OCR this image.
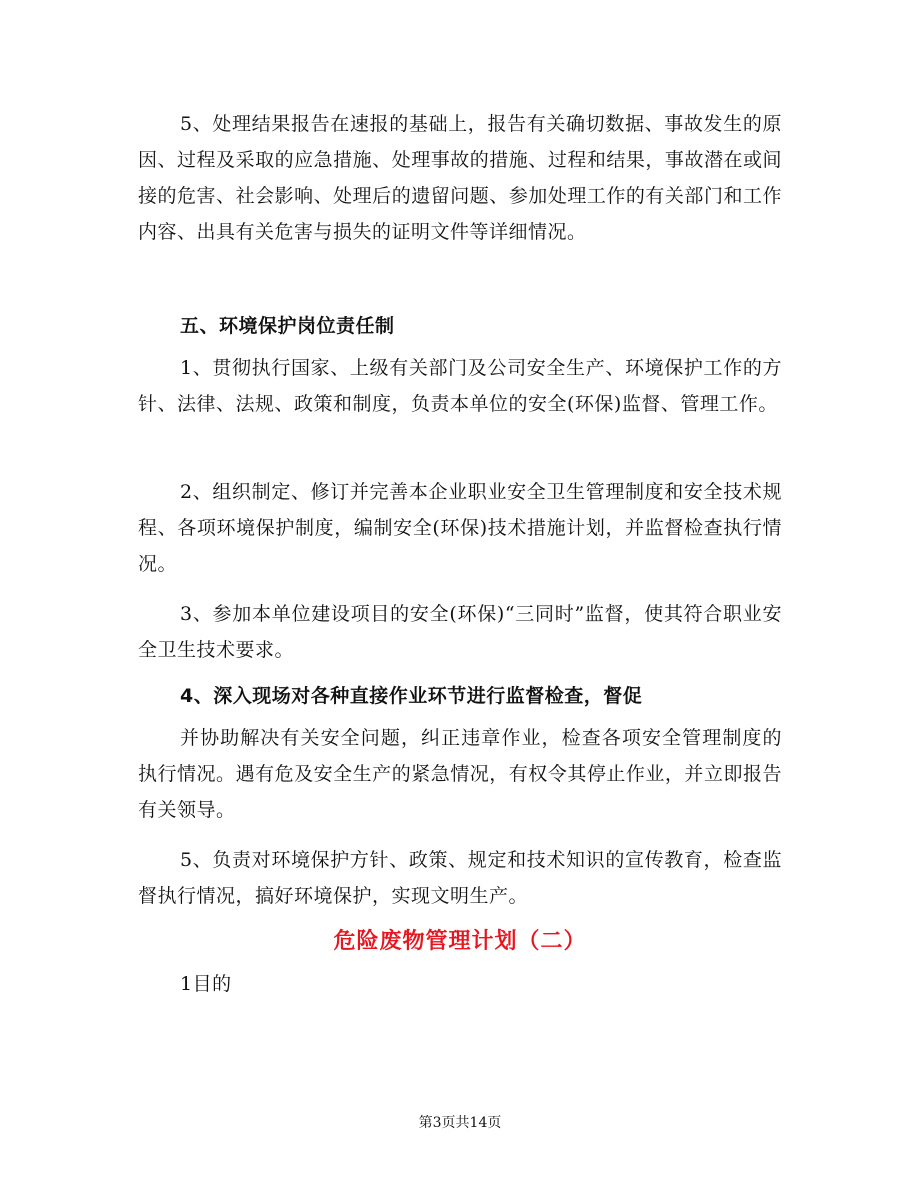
5、处理结果报告在速报的基础上，报告有关确切数据、事故发生的原因、过程及采取的应急措施、处理事故的措施、过程和结果，事故潜在或间接的危害、社会影响、处理后的遗留问题、参加处理工作的有关部门和工作内容、出具有关危害与损失的证明文件等详细情况。

五、环境保护岗位责任制

1、贯彻执行国家、上级有关部门及公司安全生产、环境保护工作的方针、法律、法规、政策和制度，负责本单位的安全(环保)监督、管理工作。

2、组织制定、修订并完善本企业职业安全卫生管理制度和安全技术规程、各项环境保护制度，编制安全(环保)技术措施计划，并监督检查执行情况。

3、参加本单位建设项目的安全(环保)“三同时”监督，使其符合职业安全卫生技术要求。

4、深入现场对各种直接作业环节进行监督检查，督促

并协助解决有关安全问题，纠正违章作业，检查各项安全管理制度的执行情况。遇有危及安全生产的紧急情况，有权令其停止作业，并立即报告有关领导。

5、负责对环境保护方针、政策、规定和技术知识的宣传教育，检查监督执行情况，搞好环境保护，实现文明生产。

危险废物管理计划（二）

1目的

第3页共14页
